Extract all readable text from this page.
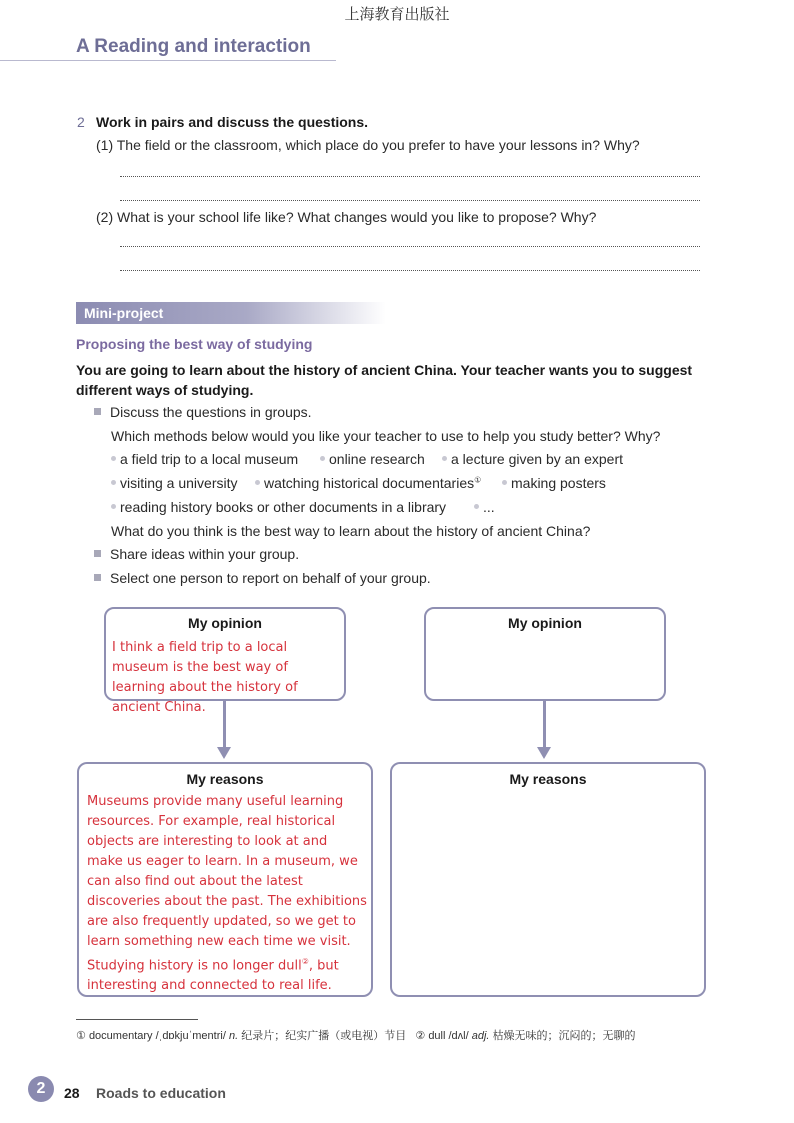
上海教育出版社
A Reading and interaction
2 Work in pairs and discuss the questions.
(1) The field or the classroom, which place do you prefer to have your lessons in? Why?
(2) What is your school life like? What changes would you like to propose? Why?
Mini-project
Proposing the best way of studying
You are going to learn about the history of ancient China. Your teacher wants you to suggest different ways of studying.
Discuss the questions in groups.
Which methods below would you like your teacher to use to help you study better? Why?
a field trip to a local museum	online research	a lecture given by an expert
visiting a university	watching historical documentaries①	making posters
reading history books or other documents in a library	...
What do you think is the best way to learn about the history of ancient China?
Share ideas within your group.
Select one person to report on behalf of your group.
My opinion
I think a field trip to a local museum is the best way of learning about the history of ancient China.
My reasons
Museums provide many useful learning resources. For example, real historical objects are interesting to look at and make us eager to learn. In a museum, we can also find out about the latest discoveries about the past. The exhibitions are also frequently updated, so we get to learn something new each time we visit. Studying history is no longer dull②, but interesting and connected to real life.
My opinion
My reasons
① documentary /ˌdɒkjuˈmentri/ n. 纪录片；纪实广播（或电视）节目 ② dull /dʌl/ adj. 枯燥无味的；沉闷的；无聊的
2	28 Roads to education
